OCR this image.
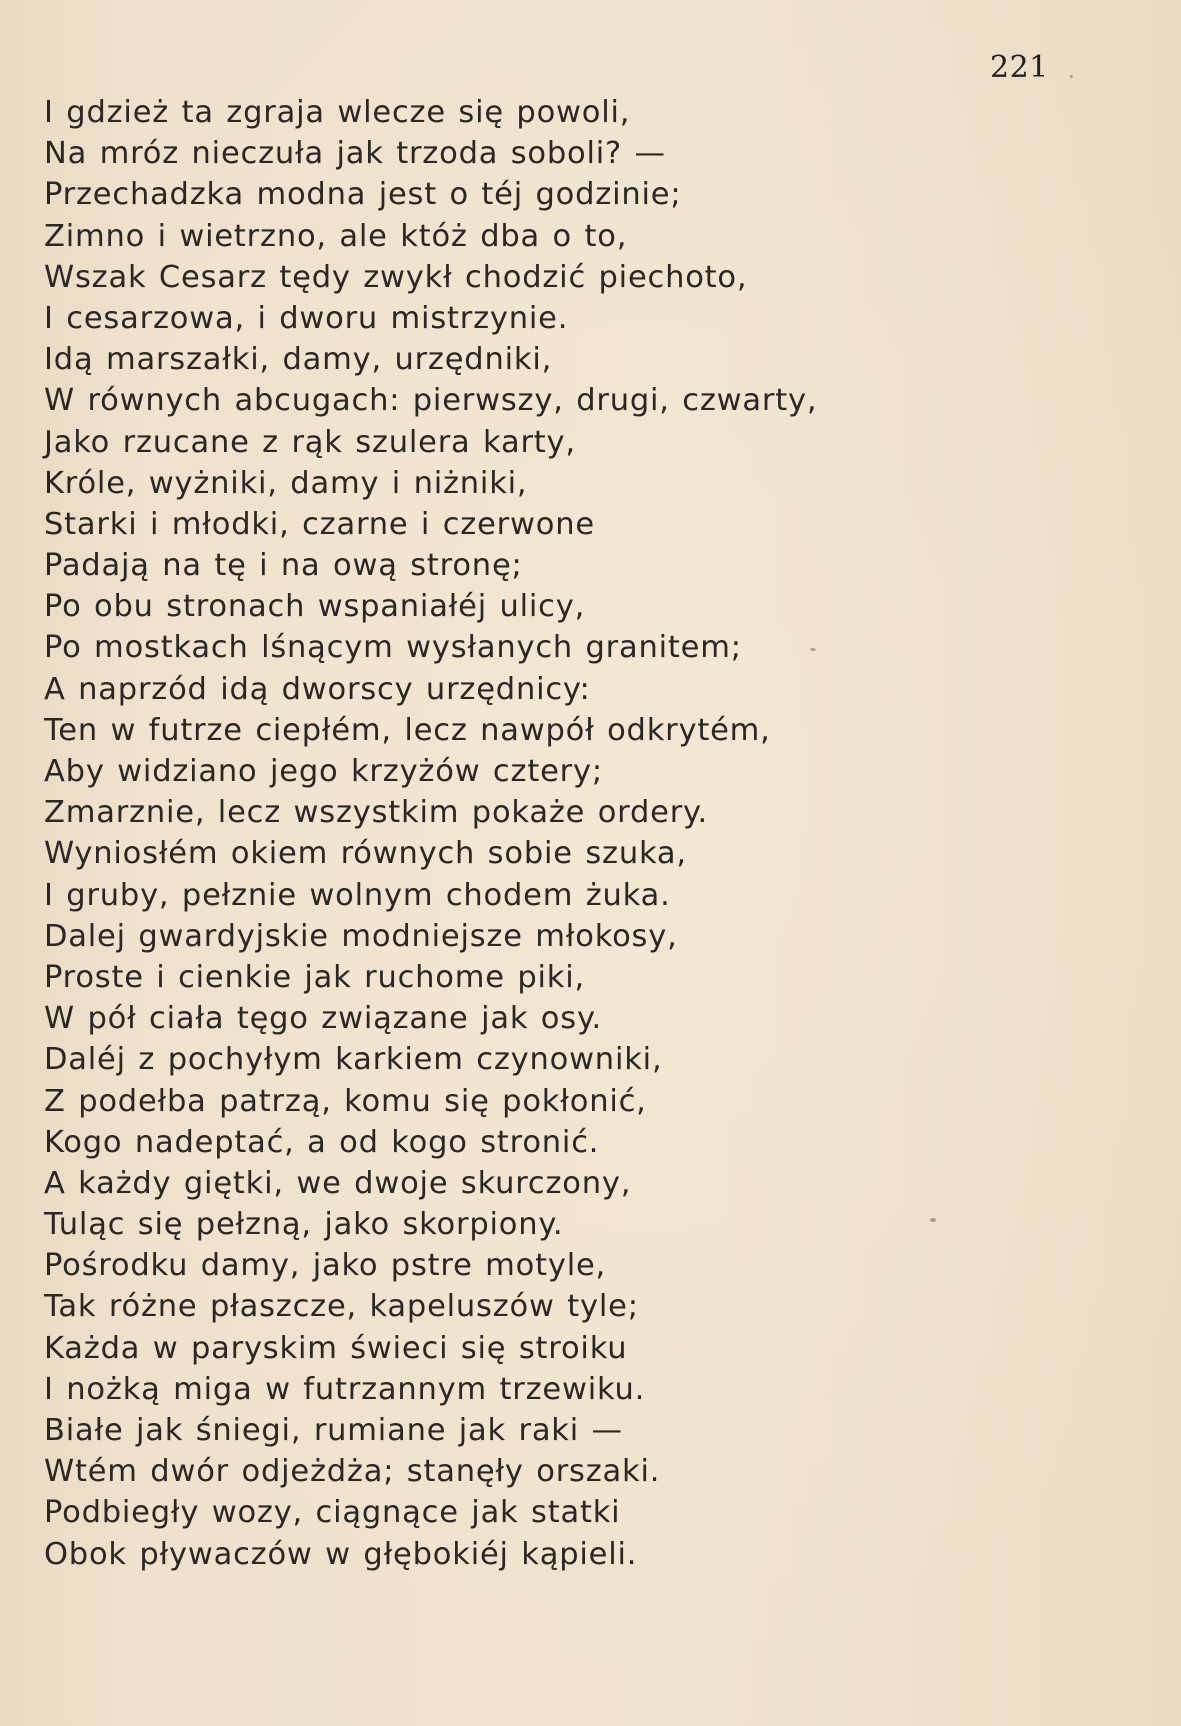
221
I gdzież ta zgraja wlecze się powoli,
Na mróz nieczuła jak trzoda soboli? —
Przechadzka modna jest o téj godzinie;
Zimno i wietrzno, ale któż dba o to,
Wszak Cesarz tędy zwykł chodzić piechoto,
I cesarzowa, i dworu mistrzynie.
Idą marszałki, damy, urzędniki,
W równych abcugach: pierwszy, drugi, czwarty,
Jako rzucane z rąk szulera karty,
Króle, wyżniki, damy i niżniki,
Starki i młodki, czarne i czerwone
Padają na tę i na ową stronę;
Po obu stronach wspaniałéj ulicy,
Po mostkach lśnącym wysłanych granitem;
A naprzód idą dworscy urzędnicy:
Ten w futrze ciepłém, lecz nawpół odkrytém,
Aby widziano jego krzyżów cztery;
Zmarznie, lecz wszystkim pokaże ordery.
Wyniosłém okiem równych sobie szuka,
I gruby, pełznie wolnym chodem żuka.
Dalej gwardyjskie modniejsze młokosy,
Proste i cienkie jak ruchome piki,
W pół ciała tęgo związane jak osy.
Daléj z pochyłym karkiem czynowniki,
Z podełba patrzą, komu się pokłonić,
Kogo nadeptać, a od kogo stronić.
A każdy giętki, we dwoje skurczony,
Tuląc się pełzną, jako skorpiony.
Pośrodku damy, jako pstre motyle,
Tak różne płaszcze, kapeluszów tyle;
Każda w paryskim świeci się stroiku
I nożką miga w futrzannym trzewiku.
Białe jak śniegi, rumiane jak raki —
Wtém dwór odjeżdża; stanęły orszaki.
Podbiegły wozy, ciągnące jak statki
Obok pływaczów w głębokiéj kąpieli.
